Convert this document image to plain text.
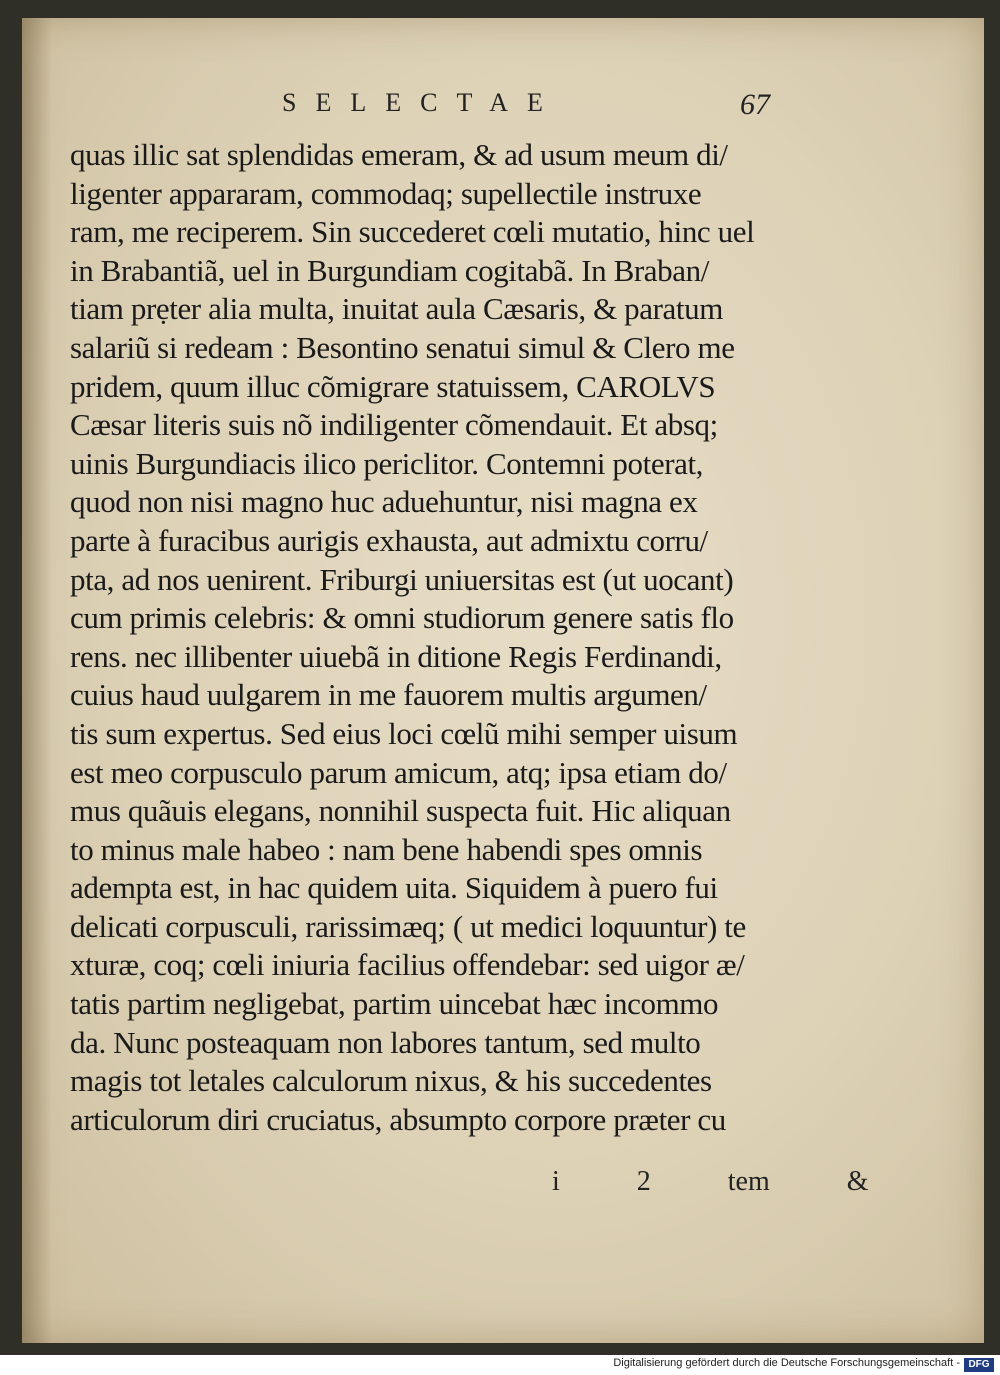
SELECTAE	67
quas illic sat splendidas emeram, & ad usum meum di/
ligenter appararam, commodaq; supellectile instruxe
ram, me reciperem. Sin succederet cœli mutatio, hinc uel
in Brabantiã, uel in Burgundiam cogitabã. In Braban/
tiam prẹter alia multa, inuitat aula Cæsaris, & paratum
salariũ si redeam : Besontino senatui simul & Clero me
pridem, quum illuc cõmigrare statuissem, CAROLVS
Cæsar literis suis nõ indiligenter cõmendauit. Et absq;
uinis Burgundiacis ilico periclitor. Contemni poterat,
quod non nisi magno huc aduehuntur, nisi magna ex
parte à furacibus aurigis exhausta, aut admixtu corru/
pta, ad nos uenirent. Friburgi uniuersitas est (ut uocant)
cum primis celebris: & omni studiorum genere satis flo
rens. nec illibenter uiuebã in ditione Regis Ferdinandi,
cuius haud uulgarem in me fauorem multis argumen/
tis sum expertus. Sed eius loci cœlũ mihi semper uisum
est meo corpusculo parum amicum, atq; ipsa etiam do/
mus quãuis elegans, nonnihil suspecta fuit. Hic aliquan
to minus male habeo : nam bene habendi spes omnis
adempta est, in hac quidem uita. Siquidem à puero fui
delicati corpusculi, rarissimæq; ( ut medici loquuntur) te
xturæ, coq; cœli iniuria facilius offendebar: sed uigor æ/
tatis partim negligebat, partim uincebat hæc incommo
da. Nunc posteaquam non labores tantum, sed multo
magis tot letales calculorum nixus, & his succedentes
articulorum diri cruciatus, absumpto corpore præter cu
i 2	tem &
Digitalisierung gefördert durch die Deutsche Forschungsgemeinschaft - DFG
